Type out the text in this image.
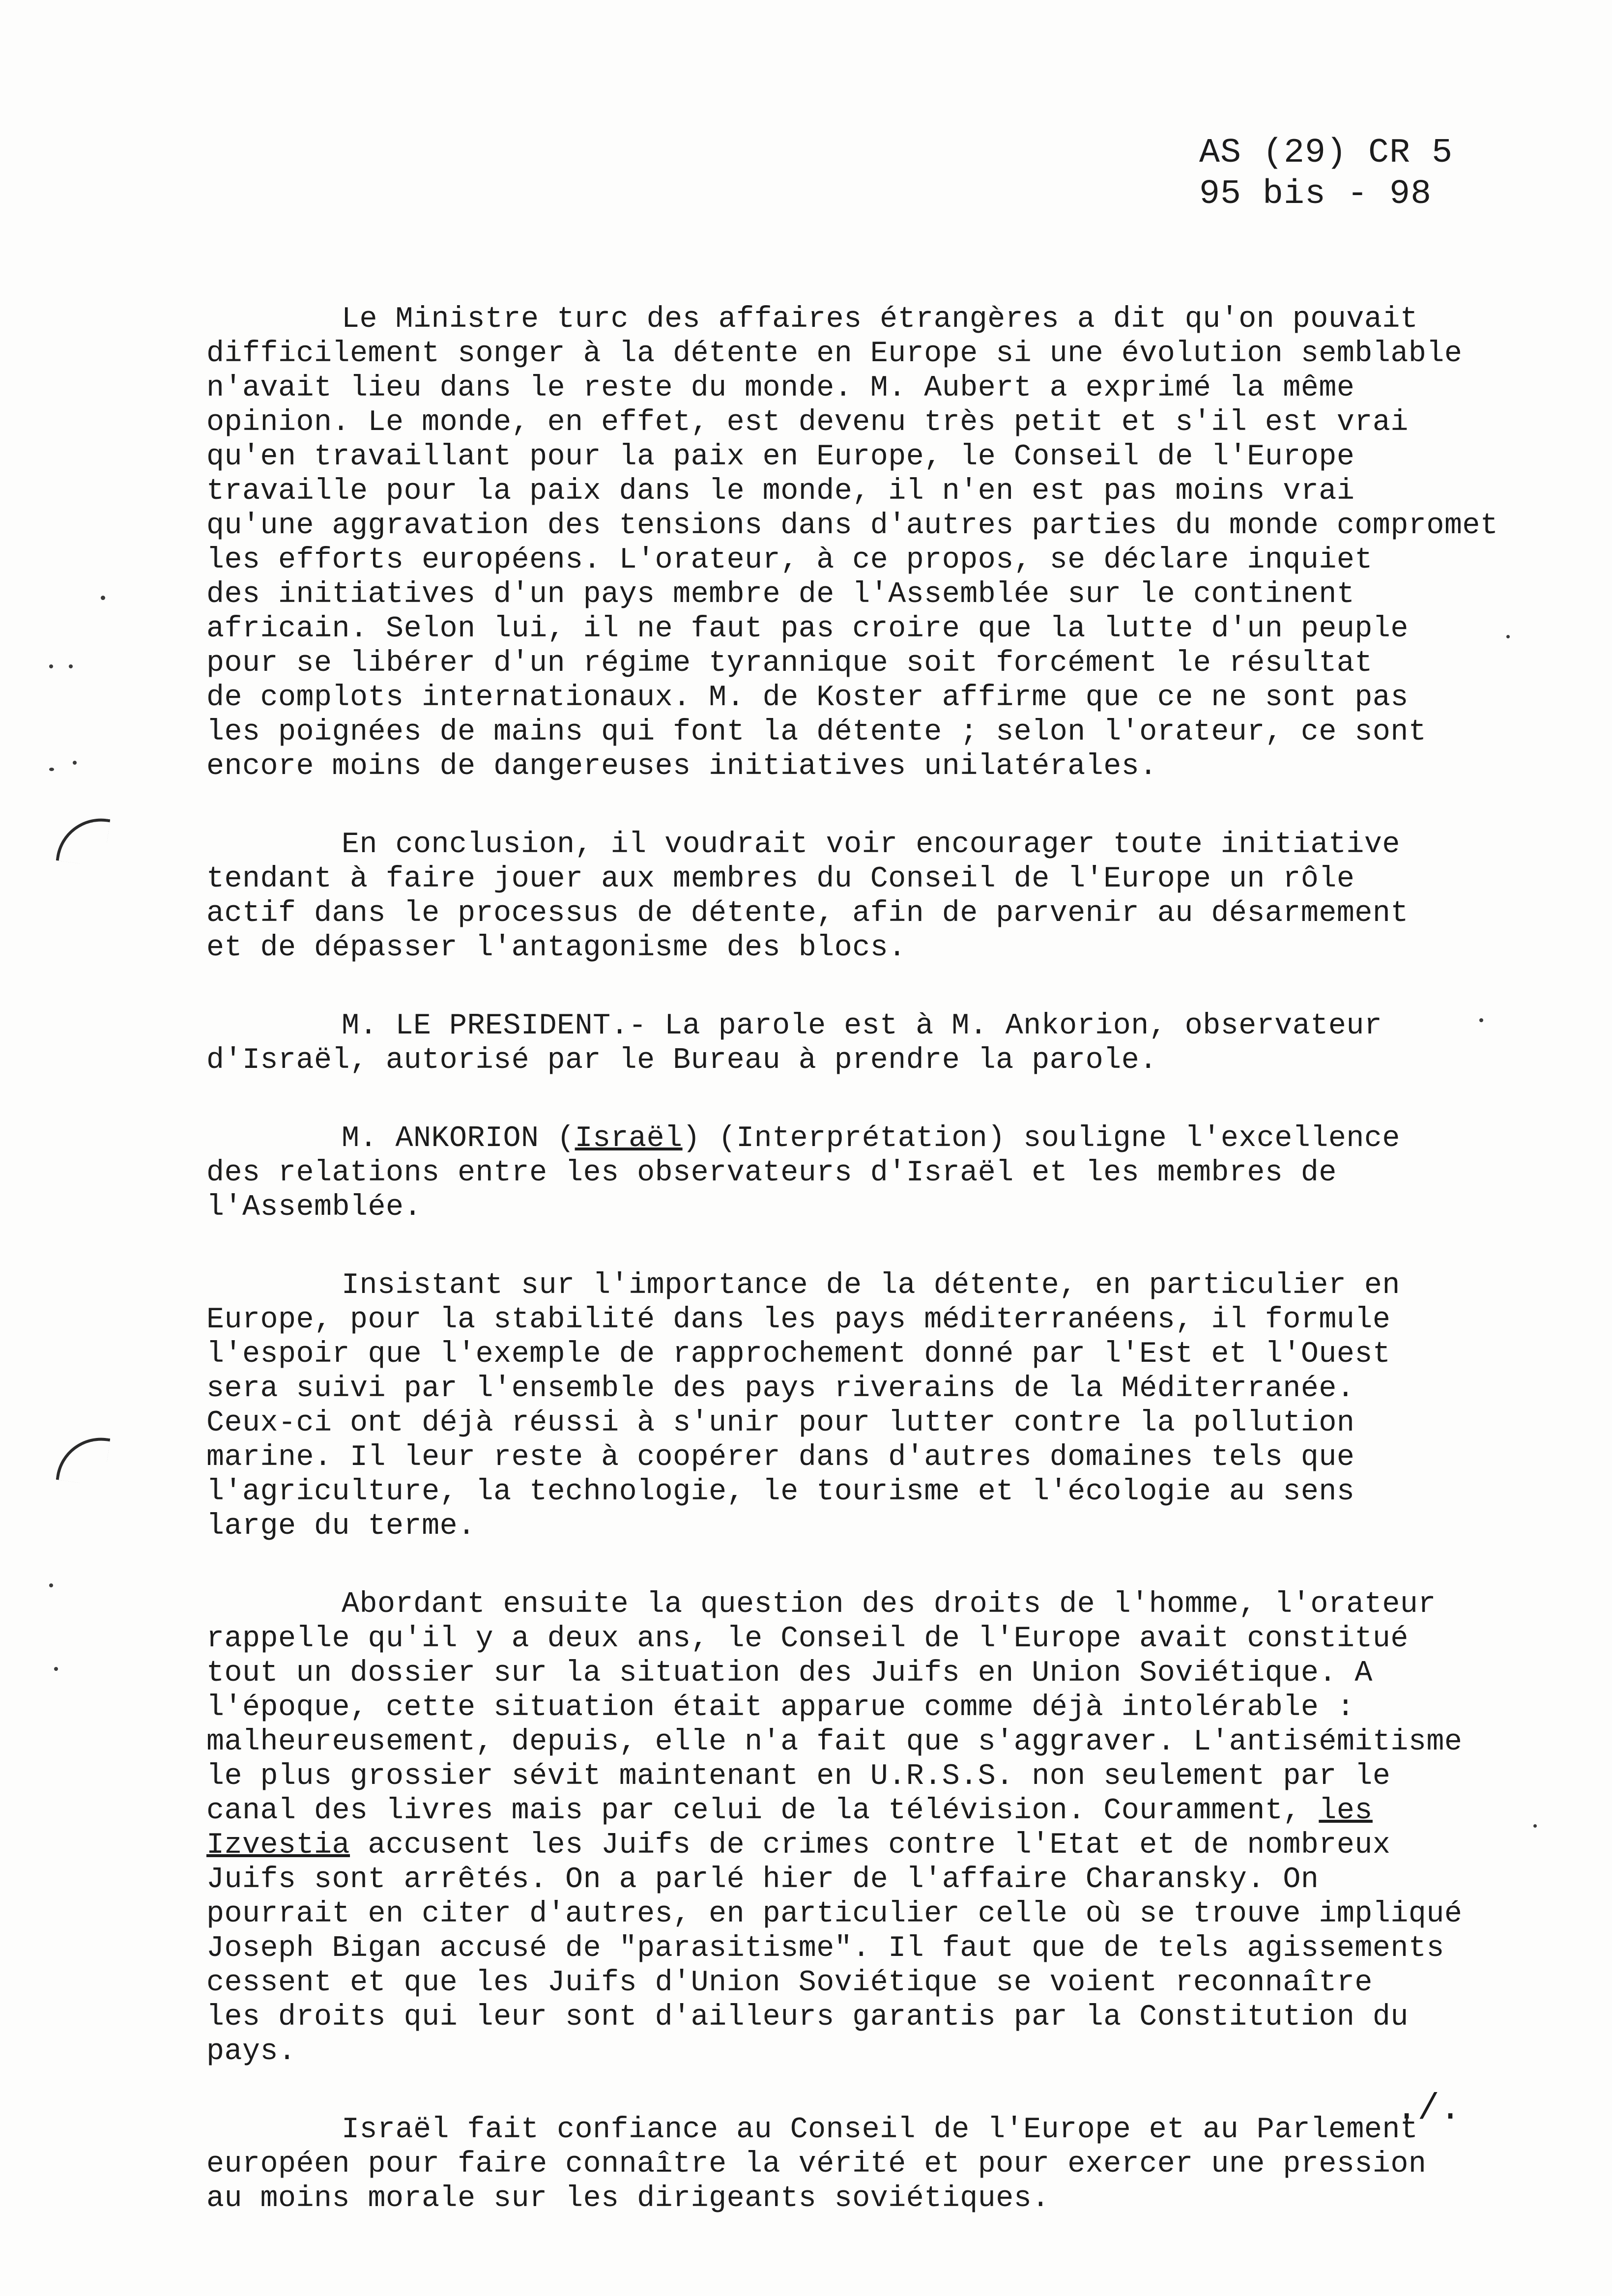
AS (29) CR 5
95 bis - 98
Le Ministre turc des affaires étrangères a dit qu'on pouvait
difficilement songer à la détente en Europe si une évolution semblable
n'avait lieu dans le reste du monde. M. Aubert a exprimé la même
opinion. Le monde, en effet, est devenu très petit et s'il est vrai
qu'en travaillant pour la paix en Europe, le Conseil de l'Europe
travaille pour la paix dans le monde, il n'en est pas moins vrai
qu'une aggravation des tensions dans d'autres parties du monde compromet
les efforts européens. L'orateur, à ce propos, se déclare inquiet
des initiatives d'un pays membre de l'Assemblée sur le continent
africain. Selon lui, il ne faut pas croire que la lutte d'un peuple
pour se libérer d'un régime tyrannique soit forcément le résultat
de complots internationaux. M. de Koster affirme que ce ne sont pas
les poignées de mains qui font la détente ; selon l'orateur, ce sont
encore moins de dangereuses initiatives unilatérales.
En conclusion, il voudrait voir encourager toute initiative
tendant à faire jouer aux membres du Conseil de l'Europe un rôle
actif dans le processus de détente, afin de parvenir au désarmement
et de dépasser l'antagonisme des blocs.
M. LE PRESIDENT.- La parole est à M. Ankorion, observateur
d'Israël, autorisé par le Bureau à prendre la parole.
M. ANKORION (Israël) (Interprétation) souligne l'excellence
des relations entre les observateurs d'Israël et les membres de
l'Assemblée.
Insistant sur l'importance de la détente, en particulier en
Europe, pour la stabilité dans les pays méditerranéens, il formule
l'espoir que l'exemple de rapprochement donné par l'Est et l'Ouest
sera suivi par l'ensemble des pays riverains de la Méditerranée.
Ceux-ci ont déjà réussi à s'unir pour lutter contre la pollution
marine. Il leur reste à coopérer dans d'autres domaines tels que
l'agriculture, la technologie, le tourisme et l'écologie au sens
large du terme.
Abordant ensuite la question des droits de l'homme, l'orateur
rappelle qu'il y a deux ans, le Conseil de l'Europe avait constitué
tout un dossier sur la situation des Juifs en Union Soviétique. A
l'époque, cette situation était apparue comme déjà intolérable :
malheureusement, depuis, elle n'a fait que s'aggraver. L'antisémitisme
le plus grossier sévit maintenant en U.R.S.S. non seulement par le
canal des livres mais par celui de la télévision. Couramment, les
Izvestia accusent les Juifs de crimes contre l'Etat et de nombreux
Juifs sont arrêtés. On a parlé hier de l'affaire Charansky. On
pourrait en citer d'autres, en particulier celle où se trouve impliqué
Joseph Bigan accusé de "parasitisme". Il faut que de tels agissements
cessent et que les Juifs d'Union Soviétique se voient reconnaître
les droits qui leur sont d'ailleurs garantis par la Constitution du
pays.
Israël fait confiance au Conseil de l'Europe et au Parlement
européen pour faire connaître la vérité et pour exercer une pression
au moins morale sur les dirigeants soviétiques.
./.
